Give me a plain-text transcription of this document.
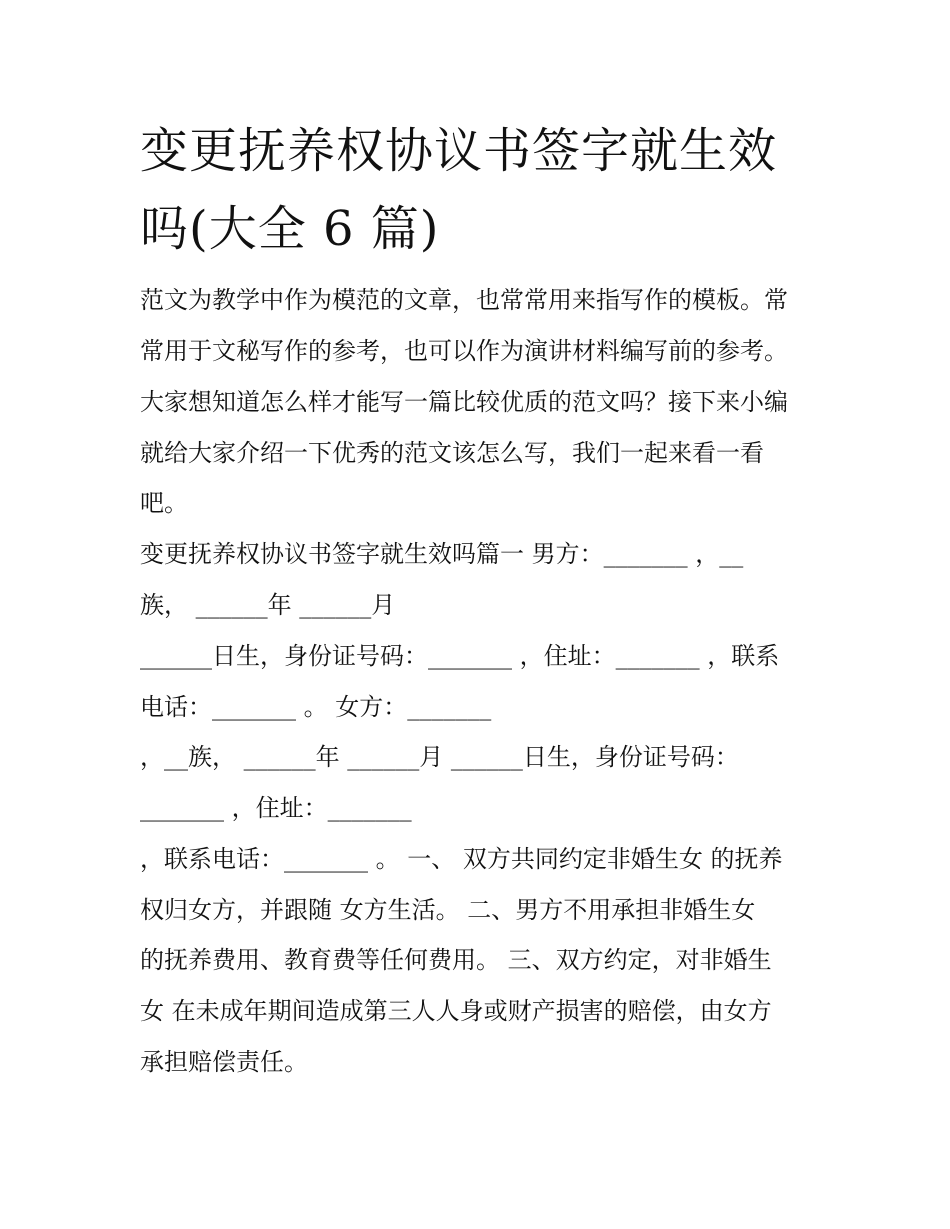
变更抚养权协议书签字就生效
吗(大全 6 篇)

范文为教学中作为模范的文章，也常常用来指写作的模板。常

常用于文秘写作的参考，也可以作为演讲材料编写前的参考。

大家想知道怎么样才能写一篇比较优质的范文吗？接下来小编

就给大家介绍一下优秀的范文该怎么写，我们一起来看一看

吧。

变更抚养权协议书签字就生效吗篇一 男方：_______ ，__

族， ______年 ______月

______日生，身份证号码：_______ ，住址：_______ ，联系

电话：_______ 。 女方：_______

，__族， ______年 ______月 ______日生，身份证号码：

_______ ，住址：_______

，联系电话：_______ 。 一、 双方共同约定非婚生女 的抚养

权归女方，并跟随 女方生活。 二、男方不用承担非婚生女

的抚养费用、教育费等任何费用。 三、双方约定，对非婚生

女 在未成年期间造成第三人人身或财产损害的赔偿，由女方

承担赔偿责任。
